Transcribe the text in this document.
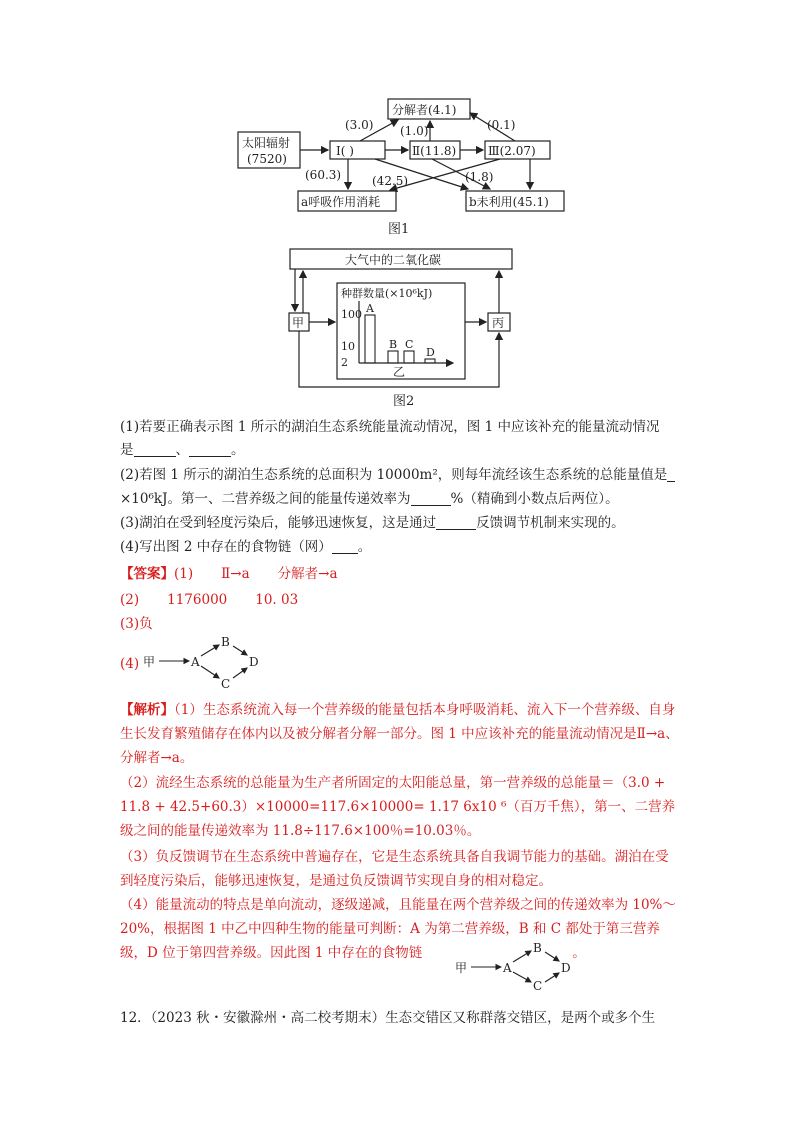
太阳辐射
(7520)
分解者(4.1)
Ⅰ( )	Ⅱ(11.8)	Ⅲ(2.07)
a呼吸作用消耗	b未利用(45.1)
(3.0) (1.0)	(0.1)
(60.3)	(42.5)	(1.8)
图1
大气中的二氧化碳
甲	丙
乙
种群数量(×10⁶kJ)
100
10
2
A
B C
D
图2
(1)若要正确表示图 1 所示的湖泊生态系统能量流动情况，图 1 中应该补充的能量流动情况
是	、	。
(2)若图 1 所示的湖泊生态系统的总面积为 10000m²，则每年流经该生态系统的总能量值是
×10⁶kJ。第一、二营养级之间的能量传递效率为	%（精确到小数点后两位）。
(3)湖泊在受到轻度污染后，能够迅速恢复，这是通过	反馈调节机制来实现的。
(4)写出图 2 中存在的食物链（网） 。
【答案】(1) Ⅱ→a 分解者→a
(2) 1176000 10. 03
(3)负
(4) 甲	A
B
C
D
【解析】（1）生态系统流入每一个营养级的能量包括本身呼吸消耗、流入下一个营养级、自身生长发育繁殖储存在体内以及被分解者分解一部分。图 1 中应该补充的能量流动情况是Ⅱ→a、分解者→a。
（2）流经生态系统的总能量为生产者所固定的太阳能总量，第一营养级的总能量＝（3.0 + 11.8 + 42.5+60.3）×10000=117.6×10000= 1.17 6x10 ⁶（百万千焦），第一、二营养级之间的能量传递效率为 11.8÷117.6×100％=10.03％。
（3）负反馈调节在生态系统中普遍存在，它是生态系统具备自我调节能力的基础。湖泊在受到轻度污染后，能够迅速恢复，是通过负反馈调节实现自身的相对稳定。
（4）能量流动的特点是单向流动，逐级递减，且能量在两个营养级之间的传递效率为 10%～20%，根据图 1 中乙中四种生物的能量可判断：A 为第二营养级，B 和 C 都处于第三营养级，D 位于第四营养级。因此图 1 中存在的食物链	。
甲	A
B
C
D
12．（2023 秋・安徽滁州・高二校考期末）生态交错区又称群落交错区，是两个或多个生
